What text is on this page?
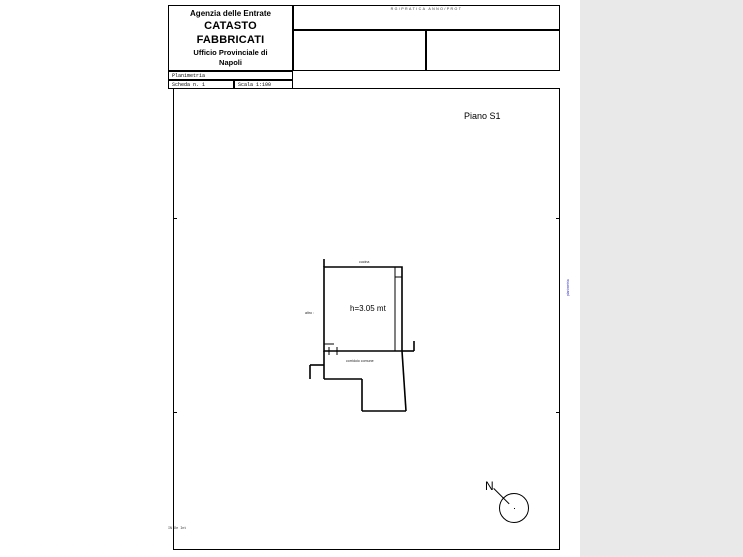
Agenzia delle Entrate
CATASTO FABBRICATI
Ufficio Provinciale di
Napoli
RG/PRATICA ANNO/PROT
Planimetria
Scheda n. 1	Scala 1:100
Piano S1
h=3.05 mt
cucina
altro :
corridoio comune
N
IN De Int
planimetria
